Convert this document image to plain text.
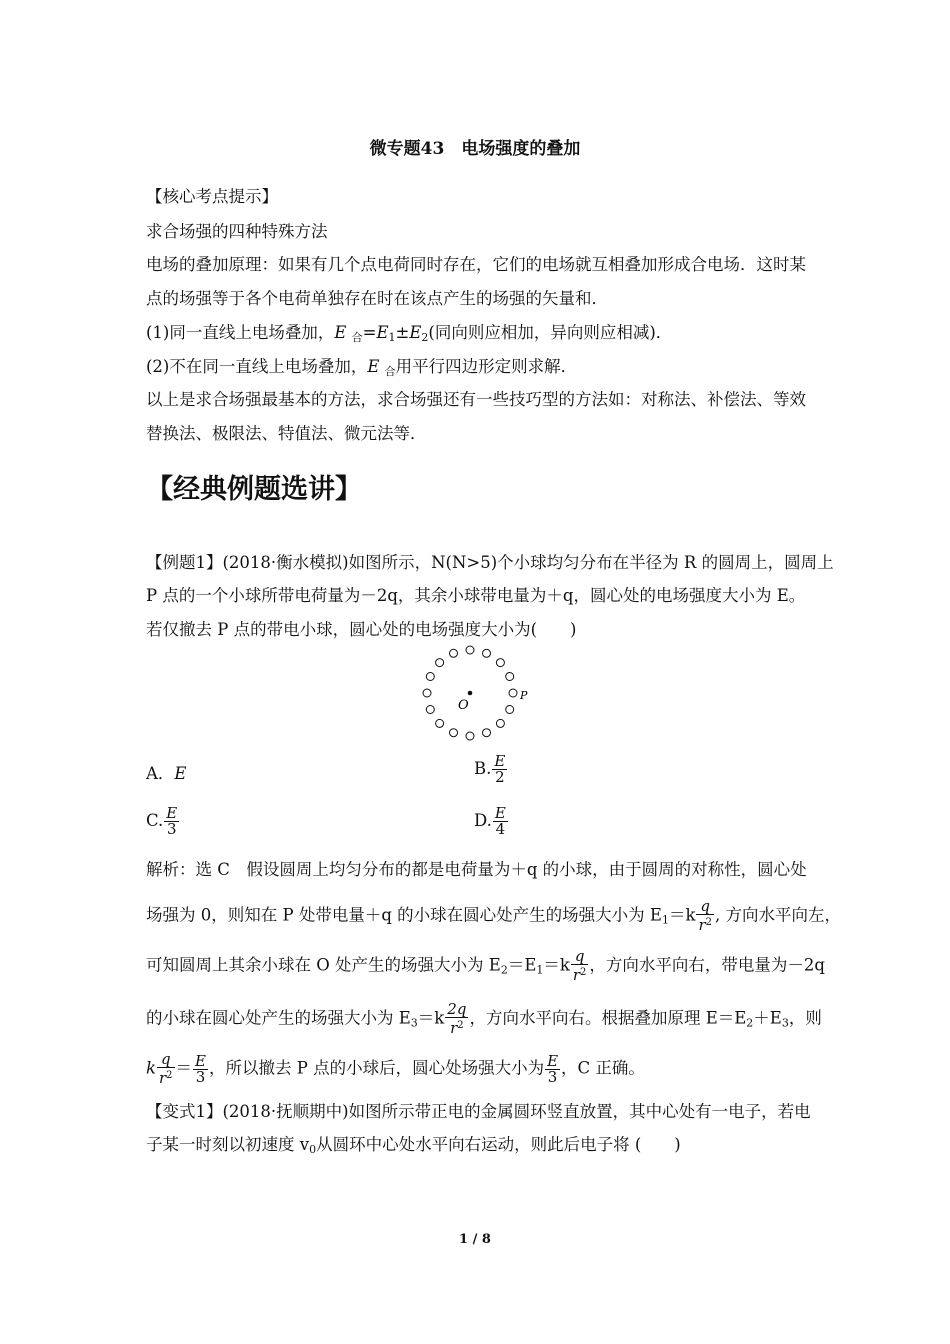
微专题43　电场强度的叠加
【核心考点提示】
求合场强的四种特殊方法
电场的叠加原理：如果有几个点电荷同时存在，它们的电场就互相叠加形成合电场．这时某
点的场强等于各个电荷单独存在时在该点产生的场强的矢量和．
(1)同一直线上电场叠加，E $_合=E_1\pm E_2$(同向则应相加，异向则应相减)．
(2)不在同一直线上电场叠加，E $_合$用平行四边形定则求解．
以上是求合场强最基本的方法，求合场强还有一些技巧型的方法如：对称法、补偿法、等效
替换法、极限法、特值法、微元法等．
【经典例题选讲】
【例题1】(2018·衡水模拟)如图所示，N(N>5)个小球均匀分布在半径为 R 的圆周上，圆周上
P 点的一个小球所带电荷量为－2q，其余小球带电量为＋q，圆心处的电场强度大小为 E。
若仅撤去 P 点的带电小球，圆心处的电场强度大小为(　　)
O
P
A．E	B. $\frac{E}{2}$
C. $\frac{E}{3}$	D. $\frac{E}{4}$
解析：选 C　假设圆周上均匀分布的都是电荷量为＋q 的小球，由于圆周的对称性，圆心处
场强为 0，则知在 P 处带电量＋q 的小球在圆心处产生的场强大小为 $E_1=k \frac{q}{r^2}$ , 方向水平向左，
可知圆周上其余小球在 O 处产生的场强大小为 $E_2=E_1=k \frac{q}{r^2}$ ，方向水平向右，带电量为－2q
的小球在圆心处产生的场强大小为 $E_3=k \frac{2q}{r^2}$ ，方向水平向右。根据叠加原理 $E=E_2+E_3$，则
k $\frac{q}{r^2} = \frac{E}{3}$ ，所以撤去 P 点的小球后，圆心处场强大小为 $\frac{E}{3}$ ，C 正确。
【变式1】(2018·抚顺期中)如图所示带正电的金属圆环竖直放置，其中心处有一电子，若电
子某一时刻以初速度 $v_0$从圆环中心处水平向右运动，则此后电子将 (　　)
1 / 8
